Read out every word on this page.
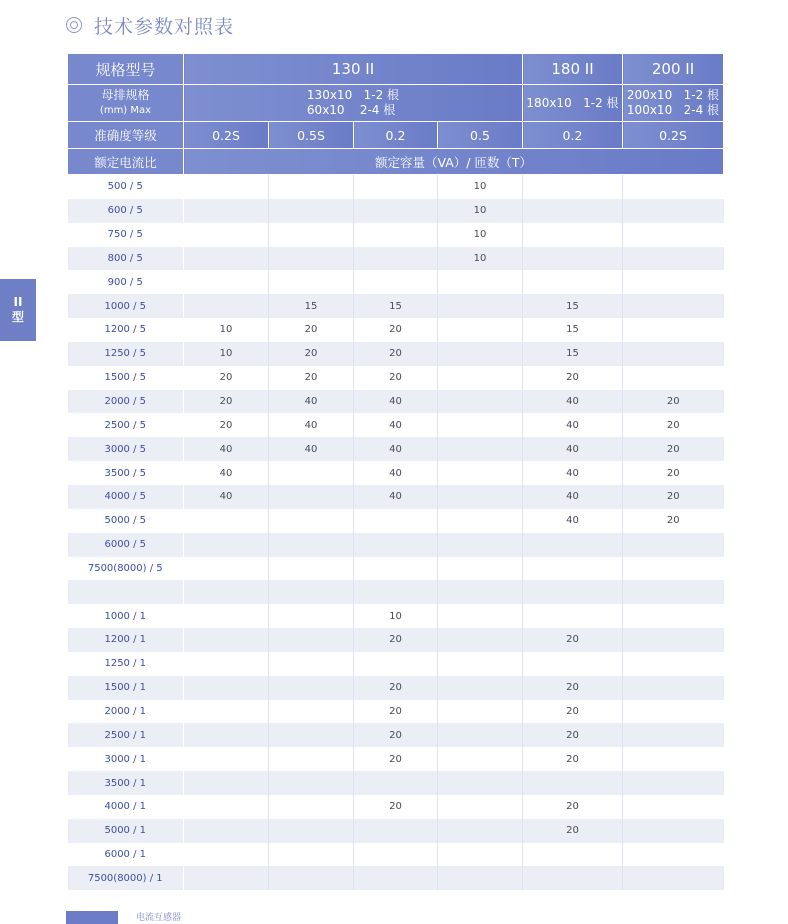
技术参数对照表
II
型
规格型号	130 II				180 II	200 II
母排规格
(mm) Max	130x10   1-2 根
60x10    2-4 根				180x10   1-2 根	200x10   1-2 根
100x10   2-4 根
准确度等级	0.2S	0.5S	0.2	0.5	0.2	0.2S
额定电流比	额定容量（VA）/ 匝数（T）					
500 / 5				10		
600 / 5				10		
750 / 5				10		
800 / 5				10		
900 / 5						
1000 / 5		15	15		15	
1200 / 5	10	20	20		15	
1250 / 5	10	20	20		15	
1500 / 5	20	20	20		20	
2000 / 5	20	40	40		40	20
2500 / 5	20	40	40		40	20
3000 / 5	40	40	40		40	20
3500 / 5	40		40		40	20
4000 / 5	40		40		40	20
5000 / 5					40	20
6000 / 5						
7500(8000) / 5						

1000 / 1			10			
1200 / 1			20		20	
1250 / 1						
1500 / 1			20		20	
2000 / 1			20		20	
2500 / 1			20		20	
3000 / 1			20		20	
3500 / 1						
4000 / 1			20		20	
5000 / 1					20	
6000 / 1						
7500(8000) / 1						
电流互感器
